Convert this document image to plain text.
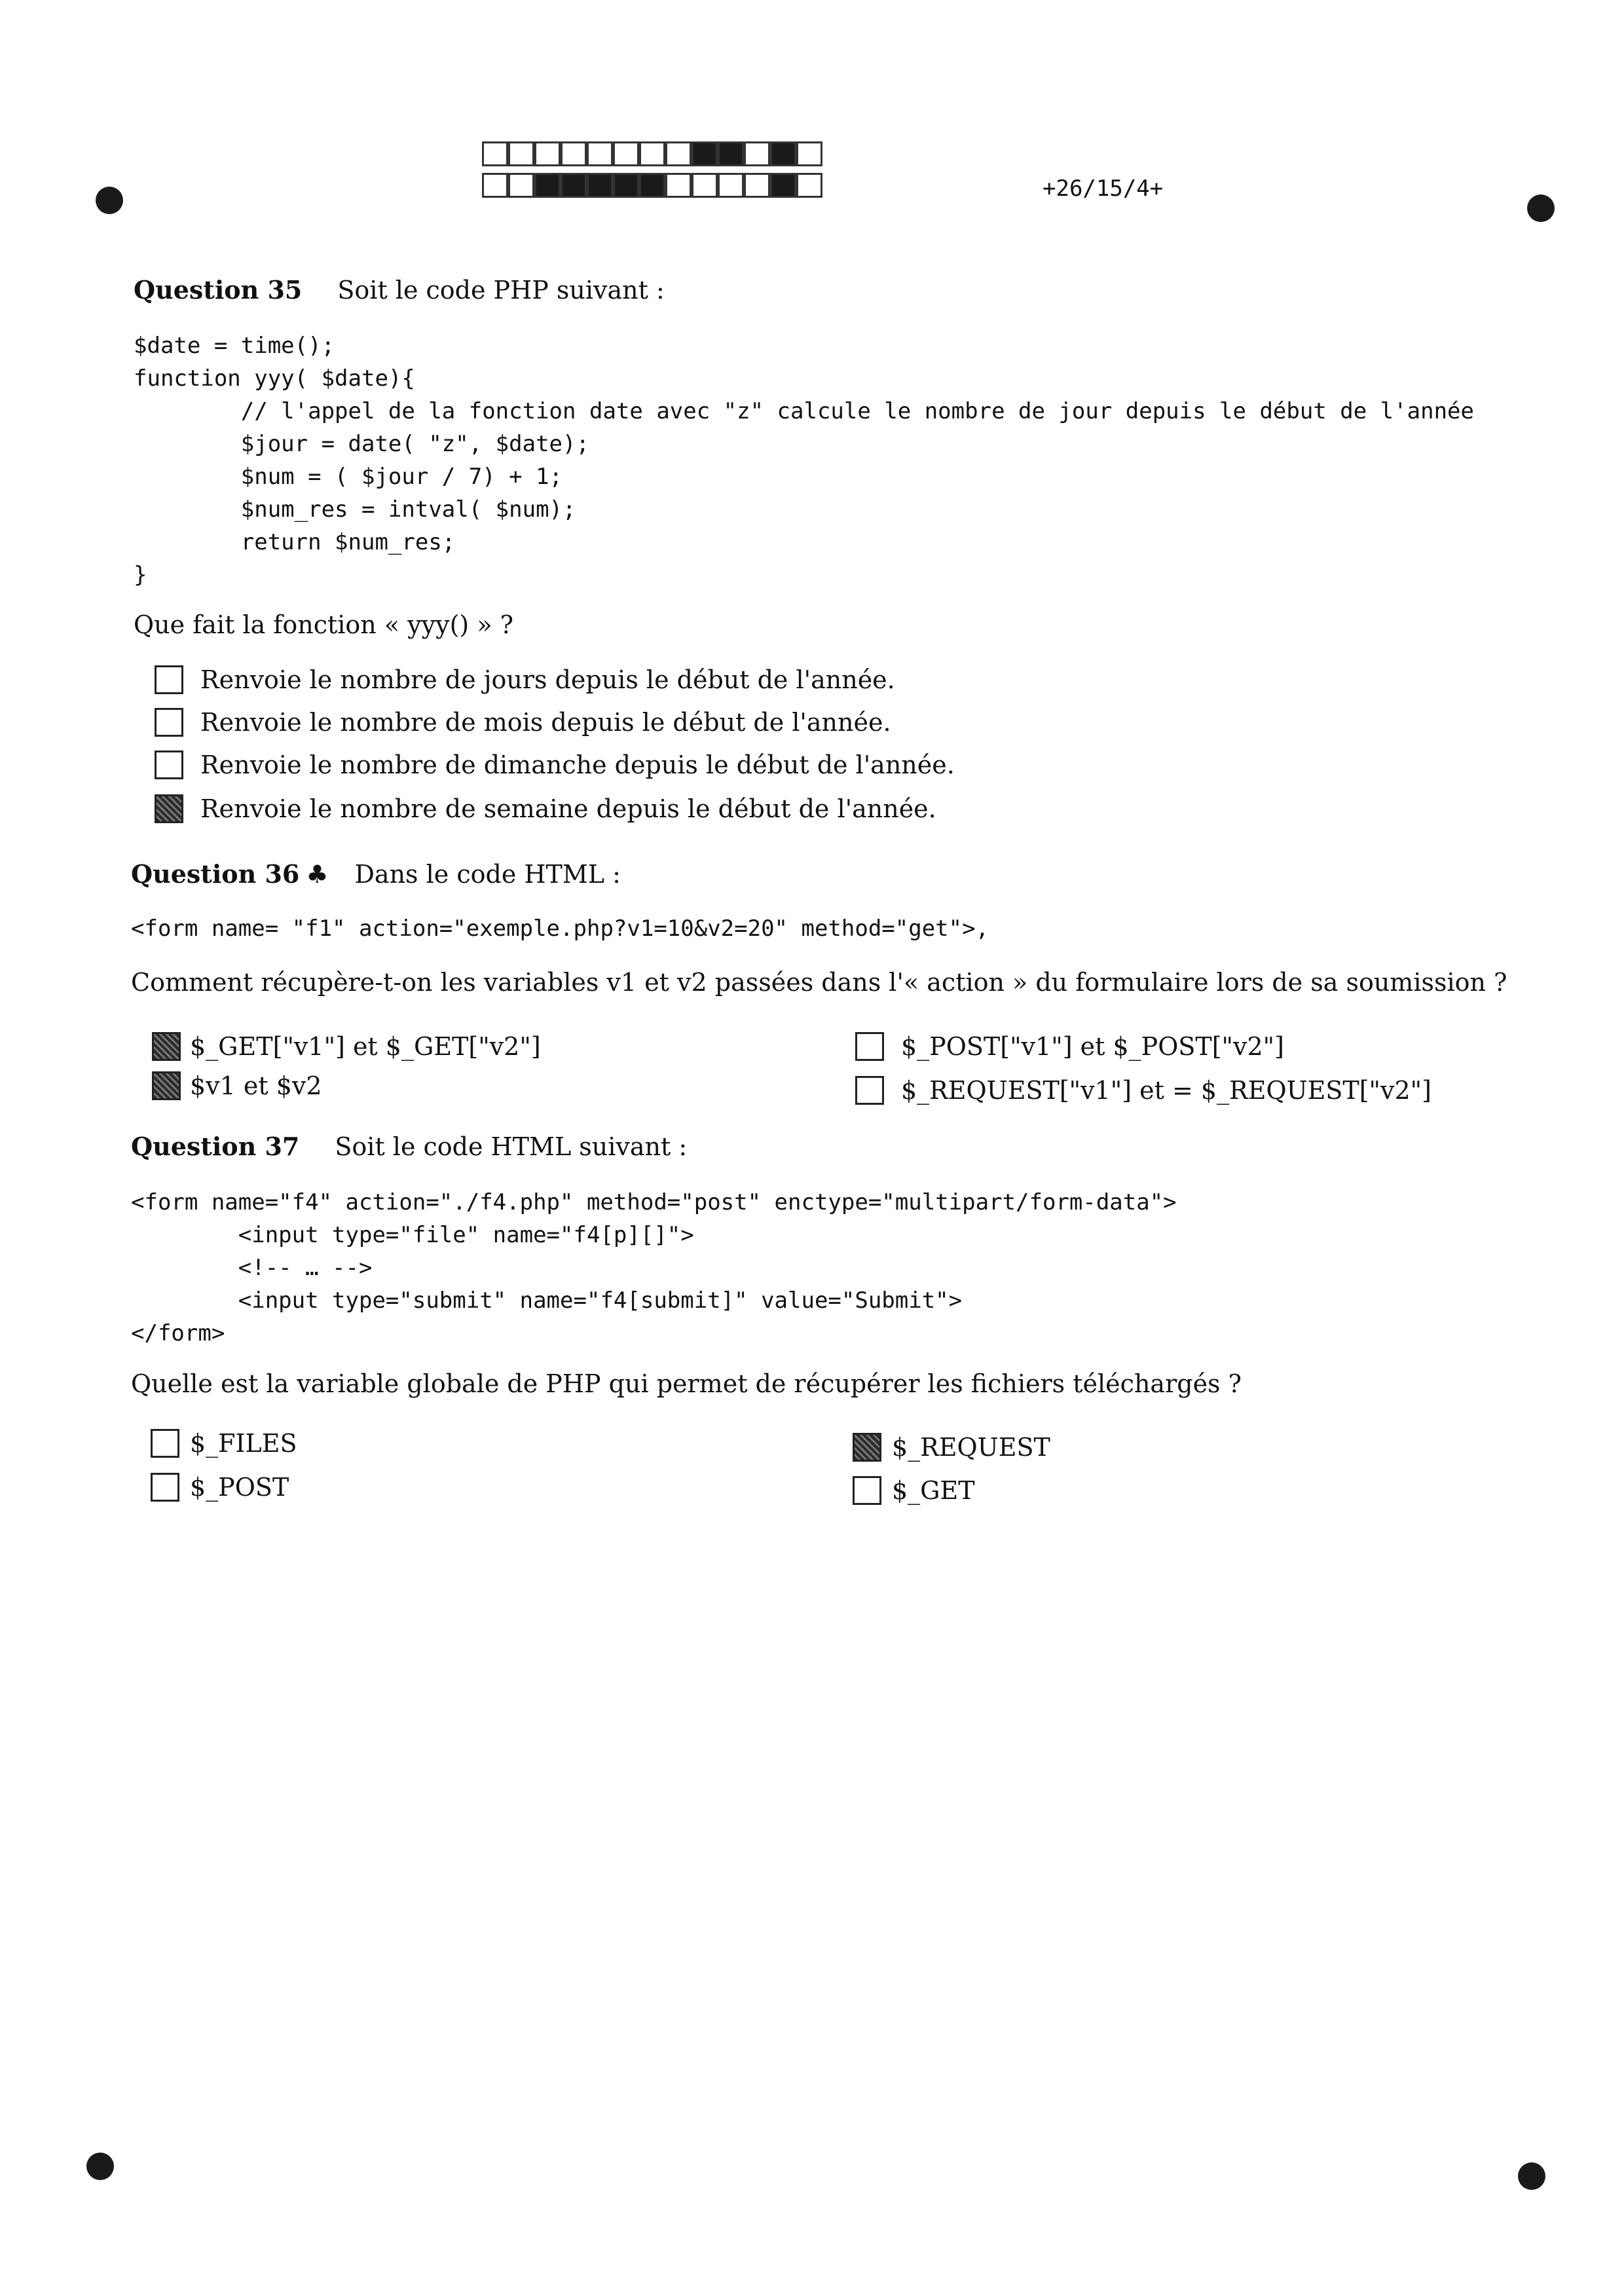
+26/15/4+
Question 35 Soit le code PHP suivant :
$date = time();
function yyy( $date){
// l'appel de la fonction date avec "z" calcule le nombre de jour depuis le début de l'année
$jour = date( "z", $date);
$num = ( $jour / 7) + 1;
$num_res = intval( $num);
return $num_res;
}
Que fait la fonction « yyy() » ?
Renvoie le nombre de jours depuis le début de l'année.
Renvoie le nombre de mois depuis le début de l'année.
Renvoie le nombre de dimanche depuis le début de l'année.
Renvoie le nombre de semaine depuis le début de l'année.
Question 36 ♣ Dans le code HTML :
<form name= "f1" action="exemple.php?v1=10&v2=20" method="get">,
Comment récupère-t-on les variables v1 et v2 passées dans l'« action » du formulaire lors de sa soumission ?
$_GET["v1"] et $_GET["v2"]
$v1 et $v2
$_POST["v1"] et $_POST["v2"]
$_REQUEST["v1"] et = $_REQUEST["v2"]
Question 37 Soit le code HTML suivant :
<form name="f4" action="./f4.php" method="post" enctype="multipart/form-data">
<input type="file" name="f4[p][]">
<!-- … -->
<input type="submit" name="f4[submit]" value="Submit">
</form>
Quelle est la variable globale de PHP qui permet de récupérer les fichiers téléchargés ?
$_FILES
$_POST
$_REQUEST
$_GET
